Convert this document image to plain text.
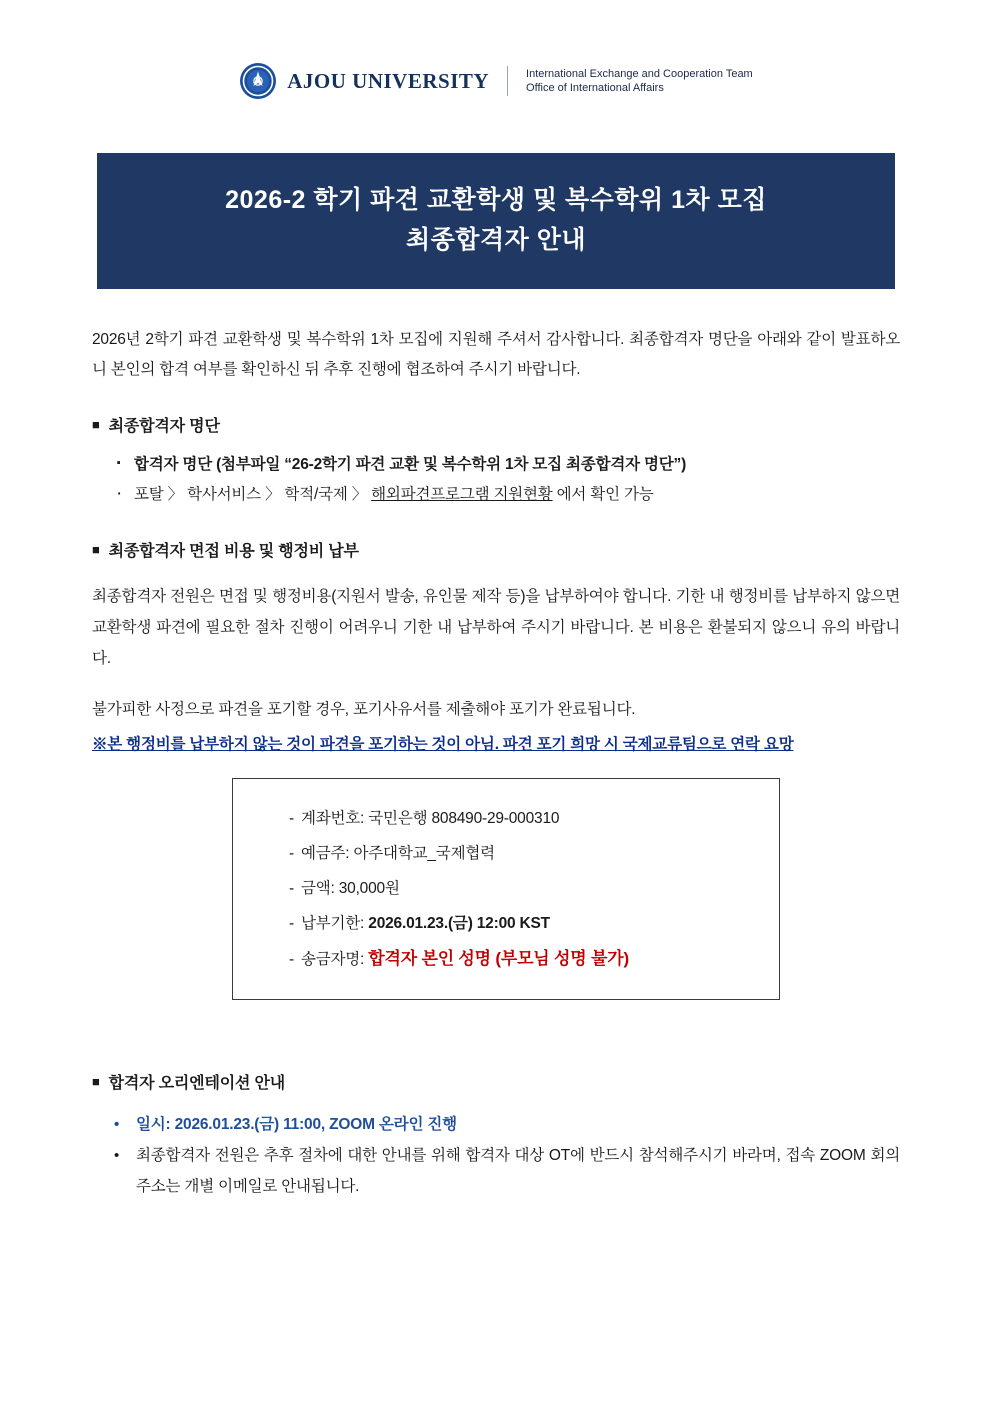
AJOU UNIVERSITY	International Exchange and Cooperation Team
Office of International Affairs
2026-2 학기 파견 교환학생 및 복수학위 1차 모집
최종합격자 안내

2026년 2학기 파견 교환학생 및 복수학위 1차 모집에 지원해 주셔서 감사합니다. 최종합격자 명단을 아래와 같이 발표하오니 본인의 합격 여부를 확인하신 뒤 추후 진행에 협조하여 주시기 바랍니다.

■ 최종합격자 명단
· 합격자 명단 (첨부파일 “26-2학기 파견 교환 및 복수학위 1차 모집 최종합격자 명단”)
· 포탈 〉 학사서비스 〉 학적/국제 〉 해외파견프로그램 지원현황 에서 확인 가능
■ 최종합격자 면접 비용 및 행정비 납부

최종합격자 전원은 면접 및 행정비용(지원서 발송, 유인물 제작 등)을 납부하여야 합니다. 기한 내 행정비를 납부하지 않으면 교환학생 파견에 필요한 절차 진행이 어려우니 기한 내 납부하여 주시기 바랍니다. 본 비용은 환불되지 않으니 유의 바랍니다.

불가피한 사정으로 파견을 포기할 경우, 포기사유서를 제출해야 포기가 완료됩니다.

※본 행정비를 납부하지 않는 것이 파견을 포기하는 것이 아님. 파견 포기 희망 시 국제교류팀으로 연락 요망

- 계좌번호: 국민은행 808490-29-000310
- 예금주: 아주대학교_국제협력
- 금액: 30,000원
- 납부기한: 2026.01.23.(금) 12:00 KST
- 송금자명: 합격자 본인 성명 (부모님 성명 불가)
■ 합격자 오리엔테이션 안내
• 일시: 2026.01.23.(금) 11:00, ZOOM 온라인 진행
• 최종합격자 전원은 추후 절차에 대한 안내를 위해 합격자 대상 OT에 반드시 참석해주시기 바라며, 접속 ZOOM 회의 주소는 개별 이메일로 안내됩니다.
